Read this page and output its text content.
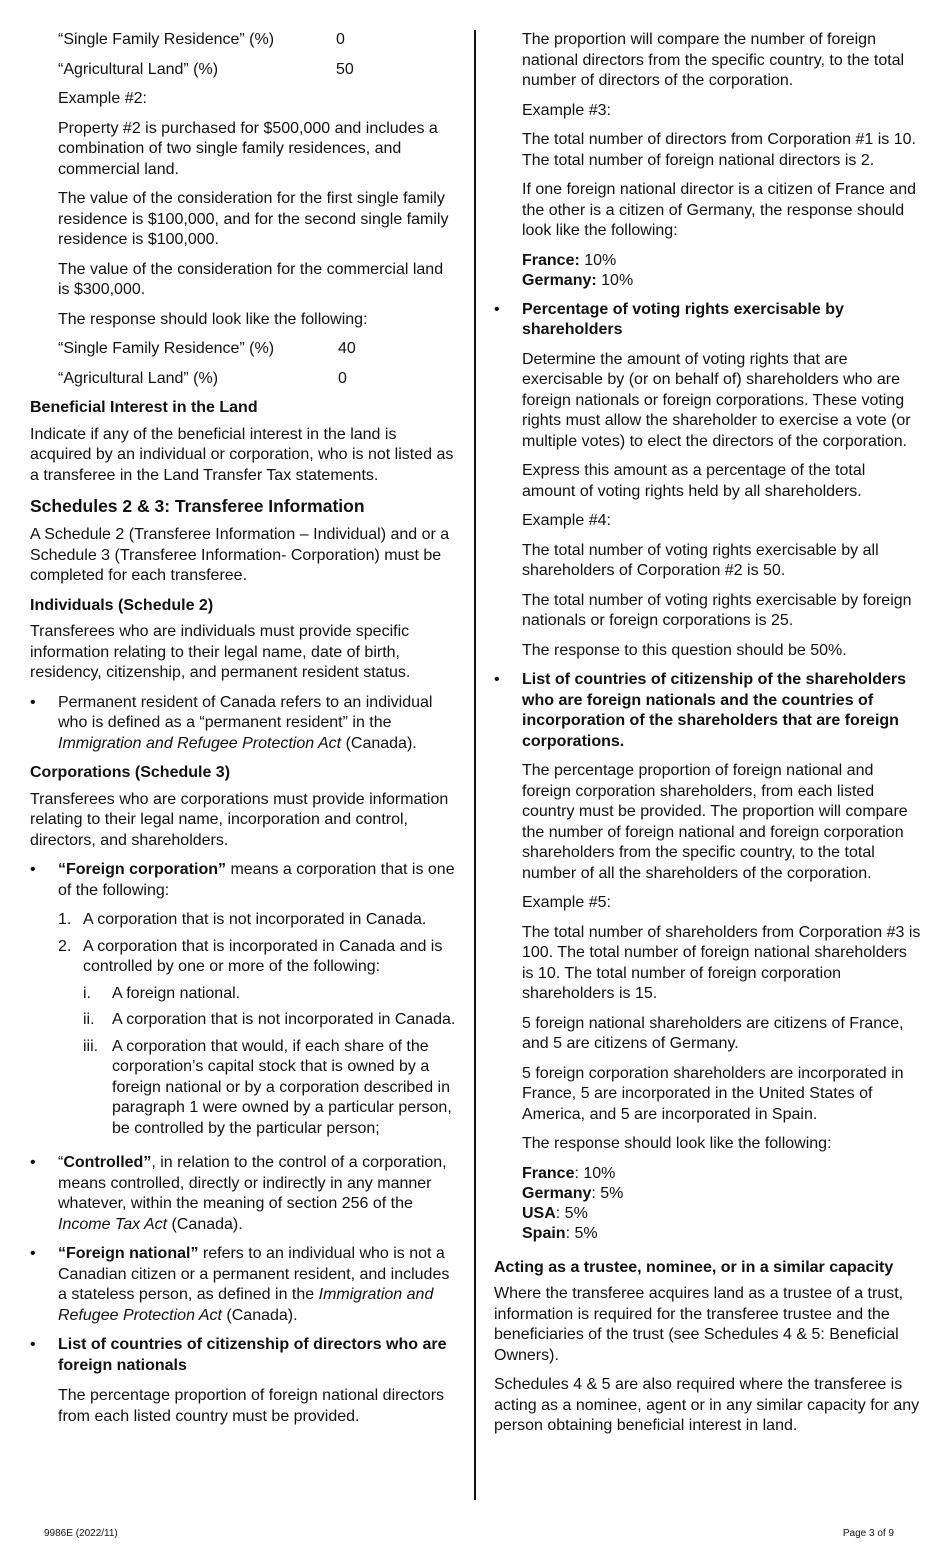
“Single Family Residence” (%)	0
“Agricultural Land” (%)	50

Example #2:

Property #2 is purchased for $500,000 and includes a combination of two single family residences, and commercial land.

The value of the consideration for the first single family residence is $100,000, and for the second single family residence is $100,000.

The value of the consideration for the commercial land is $300,000.

The response should look like the following:

“Single Family Residence” (%)	40
“Agricultural Land” (%)	0
Beneficial Interest in the Land

Indicate if any of the beneficial interest in the land is acquired by an individual or corporation, who is not listed as a transferee in the Land Transfer Tax statements.

Schedules 2 & 3: Transferee Information

A Schedule 2 (Transferee Information – Individual) and or a Schedule 3 (Transferee Information- Corporation) must be completed for each transferee.

Individuals (Schedule 2)

Transferees who are individuals must provide specific information relating to their legal name, date of birth, residency, citizenship, and permanent resident status.

• Permanent resident of Canada refers to an individual who is defined as a “permanent resident” in the Immigration and Refugee Protection Act (Canada).
Corporations (Schedule 3)

Transferees who are corporations must provide information relating to their legal name, incorporation and control, directors, and shareholders.

• “Foreign corporation” means a corporation that is one of the following:
1. A corporation that is not incorporated in Canada.
2. A corporation that is incorporated in Canada and is controlled by one or more of the following:
i. A foreign national.
ii. A corporation that is not incorporated in Canada.
iii. A corporation that would, if each share of the corporation’s capital stock that is owned by a foreign national or by a corporation described in paragraph 1 were owned by a particular person, be controlled by the particular person;
• “Controlled”, in relation to the control of a corporation, means controlled, directly or indirectly in any manner whatever, within the meaning of section 256 of the Income Tax Act (Canada).
• “Foreign national” refers to an individual who is not a Canadian citizen or a permanent resident, and includes a stateless person, as defined in the Immigration and Refugee Protection Act (Canada).

• List of countries of citizenship of directors who are foreign nationals

The percentage proportion of foreign national directors from each listed country must be provided.

The proportion will compare the number of foreign national directors from the specific country, to the total number of directors of the corporation.

Example #3:

The total number of directors from Corporation #1 is 10. The total number of foreign national directors is 2.

If one foreign national director is a citizen of France and the other is a citizen of Germany, the response should look like the following:

France: 10%
Germany: 10%

• Percentage of voting rights exercisable by shareholders

Determine the amount of voting rights that are exercisable by (or on behalf of) shareholders who are foreign nationals or foreign corporations. These voting rights must allow the shareholder to exercise a vote (or multiple votes) to elect the directors of the corporation.

Express this amount as a percentage of the total amount of voting rights held by all shareholders.

Example #4:

The total number of voting rights exercisable by all shareholders of Corporation #2 is 50.

The total number of voting rights exercisable by foreign nationals or foreign corporations is 25.

The response to this question should be 50%.

• List of countries of citizenship of the shareholders who are foreign nationals and the countries of incorporation of the shareholders that are foreign corporations.

The percentage proportion of foreign national and foreign corporation shareholders, from each listed country must be provided. The proportion will compare the number of foreign national and foreign corporation shareholders from the specific country, to the total number of all the shareholders of the corporation.

Example #5:

The total number of shareholders from Corporation #3 is 100. The total number of foreign national shareholders is 10. The total number of foreign corporation shareholders is 15.

5 foreign national shareholders are citizens of France, and 5 are citizens of Germany.

5 foreign corporation shareholders are incorporated in France, 5 are incorporated in the United States of America, and 5 are incorporated in Spain.

The response should look like the following:

France: 10%
Germany: 5%
USA: 5%
Spain: 5%
Acting as a trustee, nominee, or in a similar capacity

Where the transferee acquires land as a trustee of a trust, information is required for the transferee trustee and the beneficiaries of the trust (see Schedules 4 & 5: Beneficial Owners).

Schedules 4 & 5 are also required where the transferee is acting as a nominee, agent or in any similar capacity for any person obtaining beneficial interest in land.

9986E (2022/11)	Page 3 of 9
